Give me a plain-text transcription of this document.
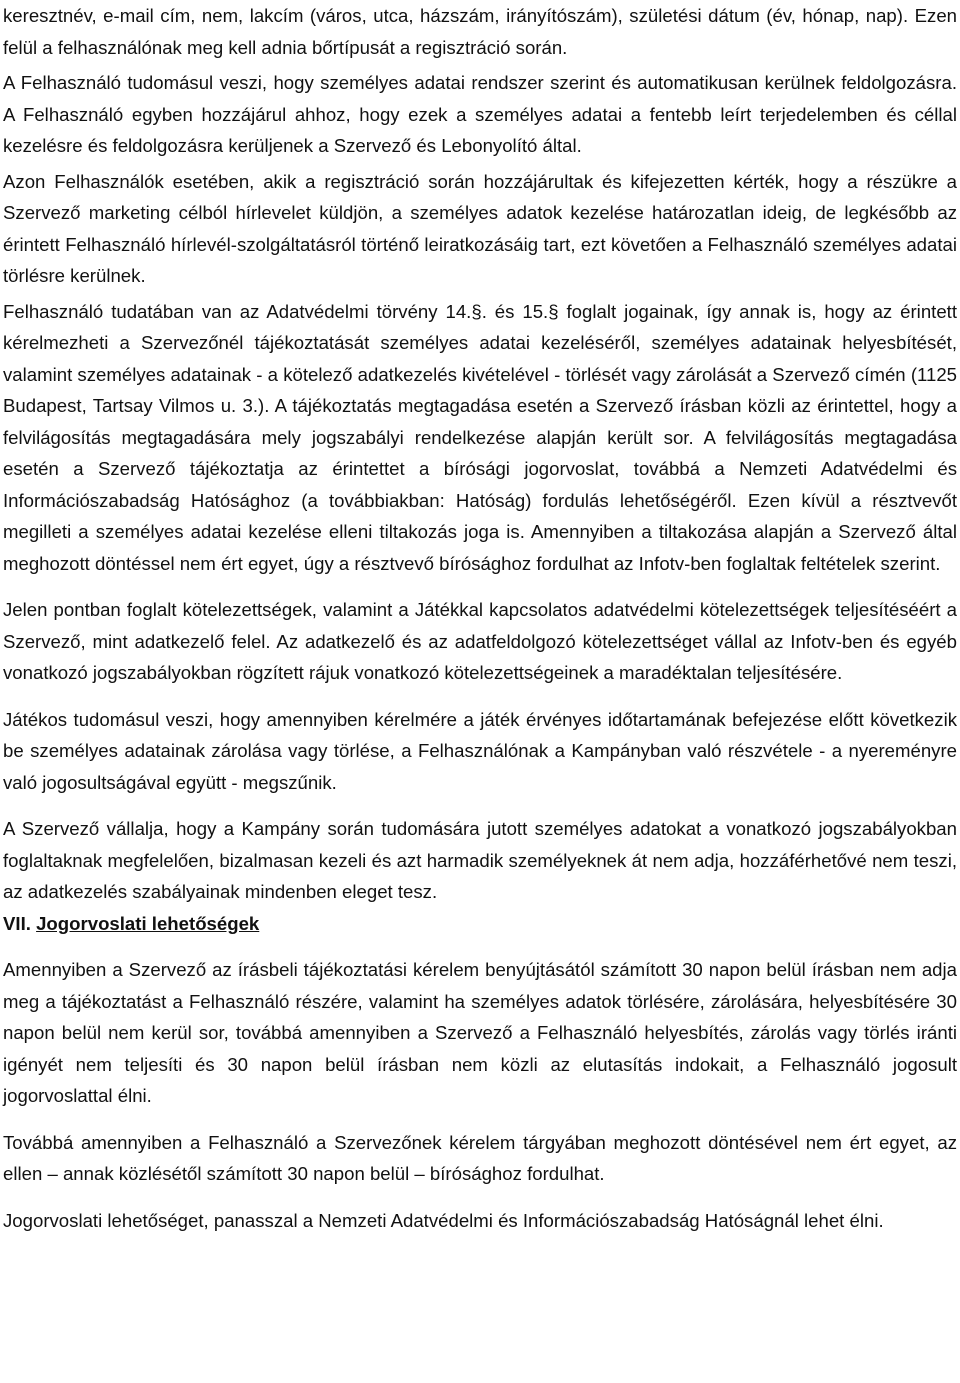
keresztnév, e-mail cím, nem, lakcím (város, utca, házszám, irányítószám), születési dátum (év, hónap, nap). Ezen felül a felhasználónak meg kell adnia bőrtípusát a regisztráció során.

A Felhasználó tudomásul veszi, hogy személyes adatai rendszer szerint és automatikusan kerülnek feldolgozásra. A Felhasználó egyben hozzájárul ahhoz, hogy ezek a személyes adatai a fentebb leírt terjedelemben és céllal kezelésre és feldolgozásra kerüljenek a Szervező és Lebonyolító által.

Azon Felhasználók esetében, akik a regisztráció során hozzájárultak és kifejezetten kérték, hogy a részükre a Szervező marketing célból hírlevelet küldjön, a személyes adatok kezelése határozatlan ideig, de legkésőbb az érintett Felhasználó hírlevél-szolgáltatásról történő leiratkozásáig tart, ezt követően a Felhasználó személyes adatai törlésre kerülnek.

Felhasználó tudatában van az Adatvédelmi törvény 14.§. és 15.§ foglalt jogainak, így annak is, hogy az érintett kérelmezheti a Szervezőnél tájékoztatását személyes adatai kezeléséről, személyes adatainak helyesbítését, valamint személyes adatainak - a kötelező adatkezelés kivételével - törlését vagy zárolását a Szervező címén (1125 Budapest, Tartsay Vilmos u. 3.). A tájékoztatás megtagadása esetén a Szervező írásban közli az érintettel, hogy a felvilágosítás megtagadására mely jogszabályi rendelkezése alapján került sor. A felvilágosítás megtagadása esetén a Szervező tájékoztatja az érintettet a bírósági jogorvoslat, továbbá a Nemzeti Adatvédelmi és Információszabadság Hatósághoz (a továbbiakban: Hatóság) fordulás lehetőségéről. Ezen kívül a résztvevőt megilleti a személyes adatai kezelése elleni tiltakozás joga is. Amennyiben a tiltakozása alapján a Szervező által meghozott döntéssel nem ért egyet, úgy a résztvevő bírósághoz fordulhat az Infotv-ben foglaltak feltételek szerint.

Jelen pontban foglalt kötelezettségek, valamint a Játékkal kapcsolatos adatvédelmi kötelezettségek teljesítéséért a Szervező, mint adatkezelő felel. Az adatkezelő és az adatfeldolgozó kötelezettséget vállal az Infotv-ben és egyéb vonatkozó jogszabályokban rögzített rájuk vonatkozó kötelezettségeinek a maradéktalan teljesítésére.

Játékos tudomásul veszi, hogy amennyiben kérelmére a játék érvényes időtartamának befejezése előtt következik be személyes adatainak zárolása vagy törlése, a Felhasználónak a Kampányban való részvétele - a nyereményre való jogosultságával együtt - megszűnik.

A Szervező vállalja, hogy a Kampány során tudomására jutott személyes adatokat a vonatkozó jogszabályokban foglaltaknak megfelelően, bizalmasan kezeli és azt harmadik személyeknek át nem adja, hozzáférhetővé nem teszi, az adatkezelés szabályainak mindenben eleget tesz.

VII. Jogorvoslati lehetőségek

Amennyiben a Szervező az írásbeli tájékoztatási kérelem benyújtásától számított 30 napon belül írásban nem adja meg a tájékoztatást a Felhasználó részére, valamint ha személyes adatok törlésére, zárolására, helyesbítésére 30 napon belül nem kerül sor, továbbá amennyiben a Szervező a Felhasználó helyesbítés, zárolás vagy törlés iránti igényét nem teljesíti és 30 napon belül írásban nem közli az elutasítás indokait, a Felhasználó jogosult jogorvoslattal élni.

Továbbá amennyiben a Felhasználó a Szervezőnek kérelem tárgyában meghozott döntésével nem ért egyet, az ellen – annak közlésétől számított 30 napon belül – bírósághoz fordulhat.

Jogorvoslati lehetőséget, panasszal a Nemzeti Adatvédelmi és Információszabadság Hatóságnál lehet élni.
